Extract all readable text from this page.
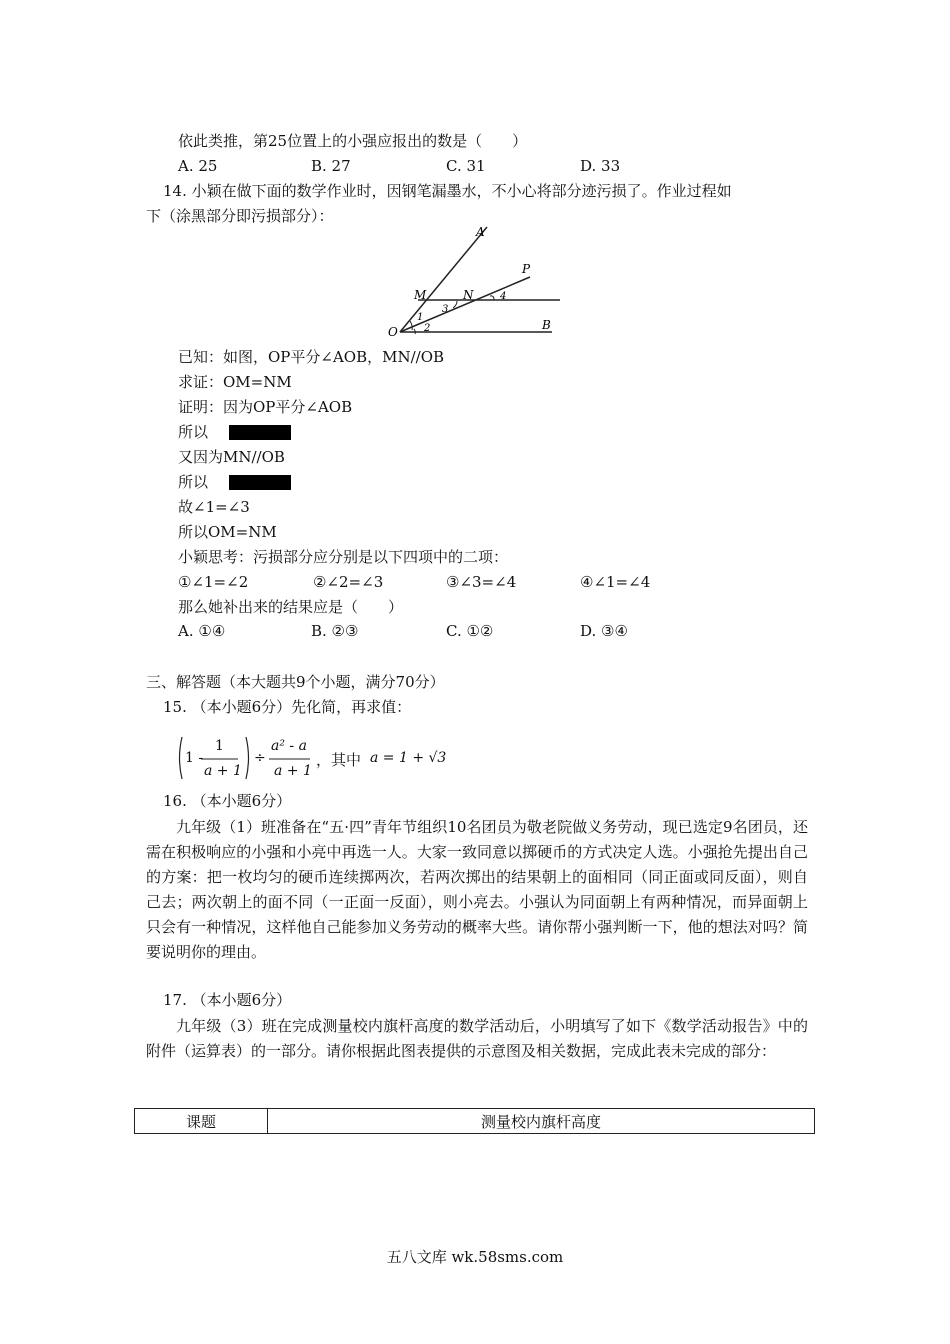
依此类推，第25位置上的小强应报出的数是（　　）
A. 25	B. 27	C. 31	D. 33
14. 小颖在做下面的数学作业时，因钢笔漏墨水，不小心将部分迹污损了。作业过程如
下（涂黑部分即污损部分）：
A
P
M	N
O	B
1
2
3
4
已知：如图，OP平分∠AOB，MN//OB
求证：OM=NM
证明：因为OP平分∠AOB
所以
又因为MN//OB
所以
故∠1=∠3
所以OM=NM
小颖思考：污损部分应分别是以下四项中的二项：
①∠1=∠2	②∠2=∠3	③∠3=∠4	④∠1=∠4
那么她补出来的结果应是（　　）
A. ①④	B. ②③	C. ①②	D. ③④
三、解答题（本大题共9个小题，满分70分）
15. （本小题6分）先化简，再求值：
1 -
1
a + 1
÷
a² - a
a + 1
，其中 a = 1 + √3
16. （本小题6分）
九年级（1）班准备在“五·四”青年节组织10名团员为敬老院做义务劳动，现已选定9名团员，还需在积极响应的小强和小亮中再选一人。大家一致同意以掷硬币的方式决定人选。小强抢先提出自己的方案：把一枚均匀的硬币连续掷两次，若两次掷出的结果朝上的面相同（同正面或同反面），则自己去；两次朝上的面不同（一正面一反面），则小亮去。小强认为同面朝上有两种情况，而异面朝上只会有一种情况，这样他自己能参加义务劳动的概率大些。请你帮小强判断一下，他的想法对吗？简要说明你的理由。
17. （本小题6分）
九年级（3）班在完成测量校内旗杆高度的数学活动后，小明填写了如下《数学活动报告》中的附件（运算表）的一部分。请你根据此图表提供的示意图及相关数据，完成此表未完成的部分：
课题	测量校内旗杆高度
五八文库 wk.58sms.com
